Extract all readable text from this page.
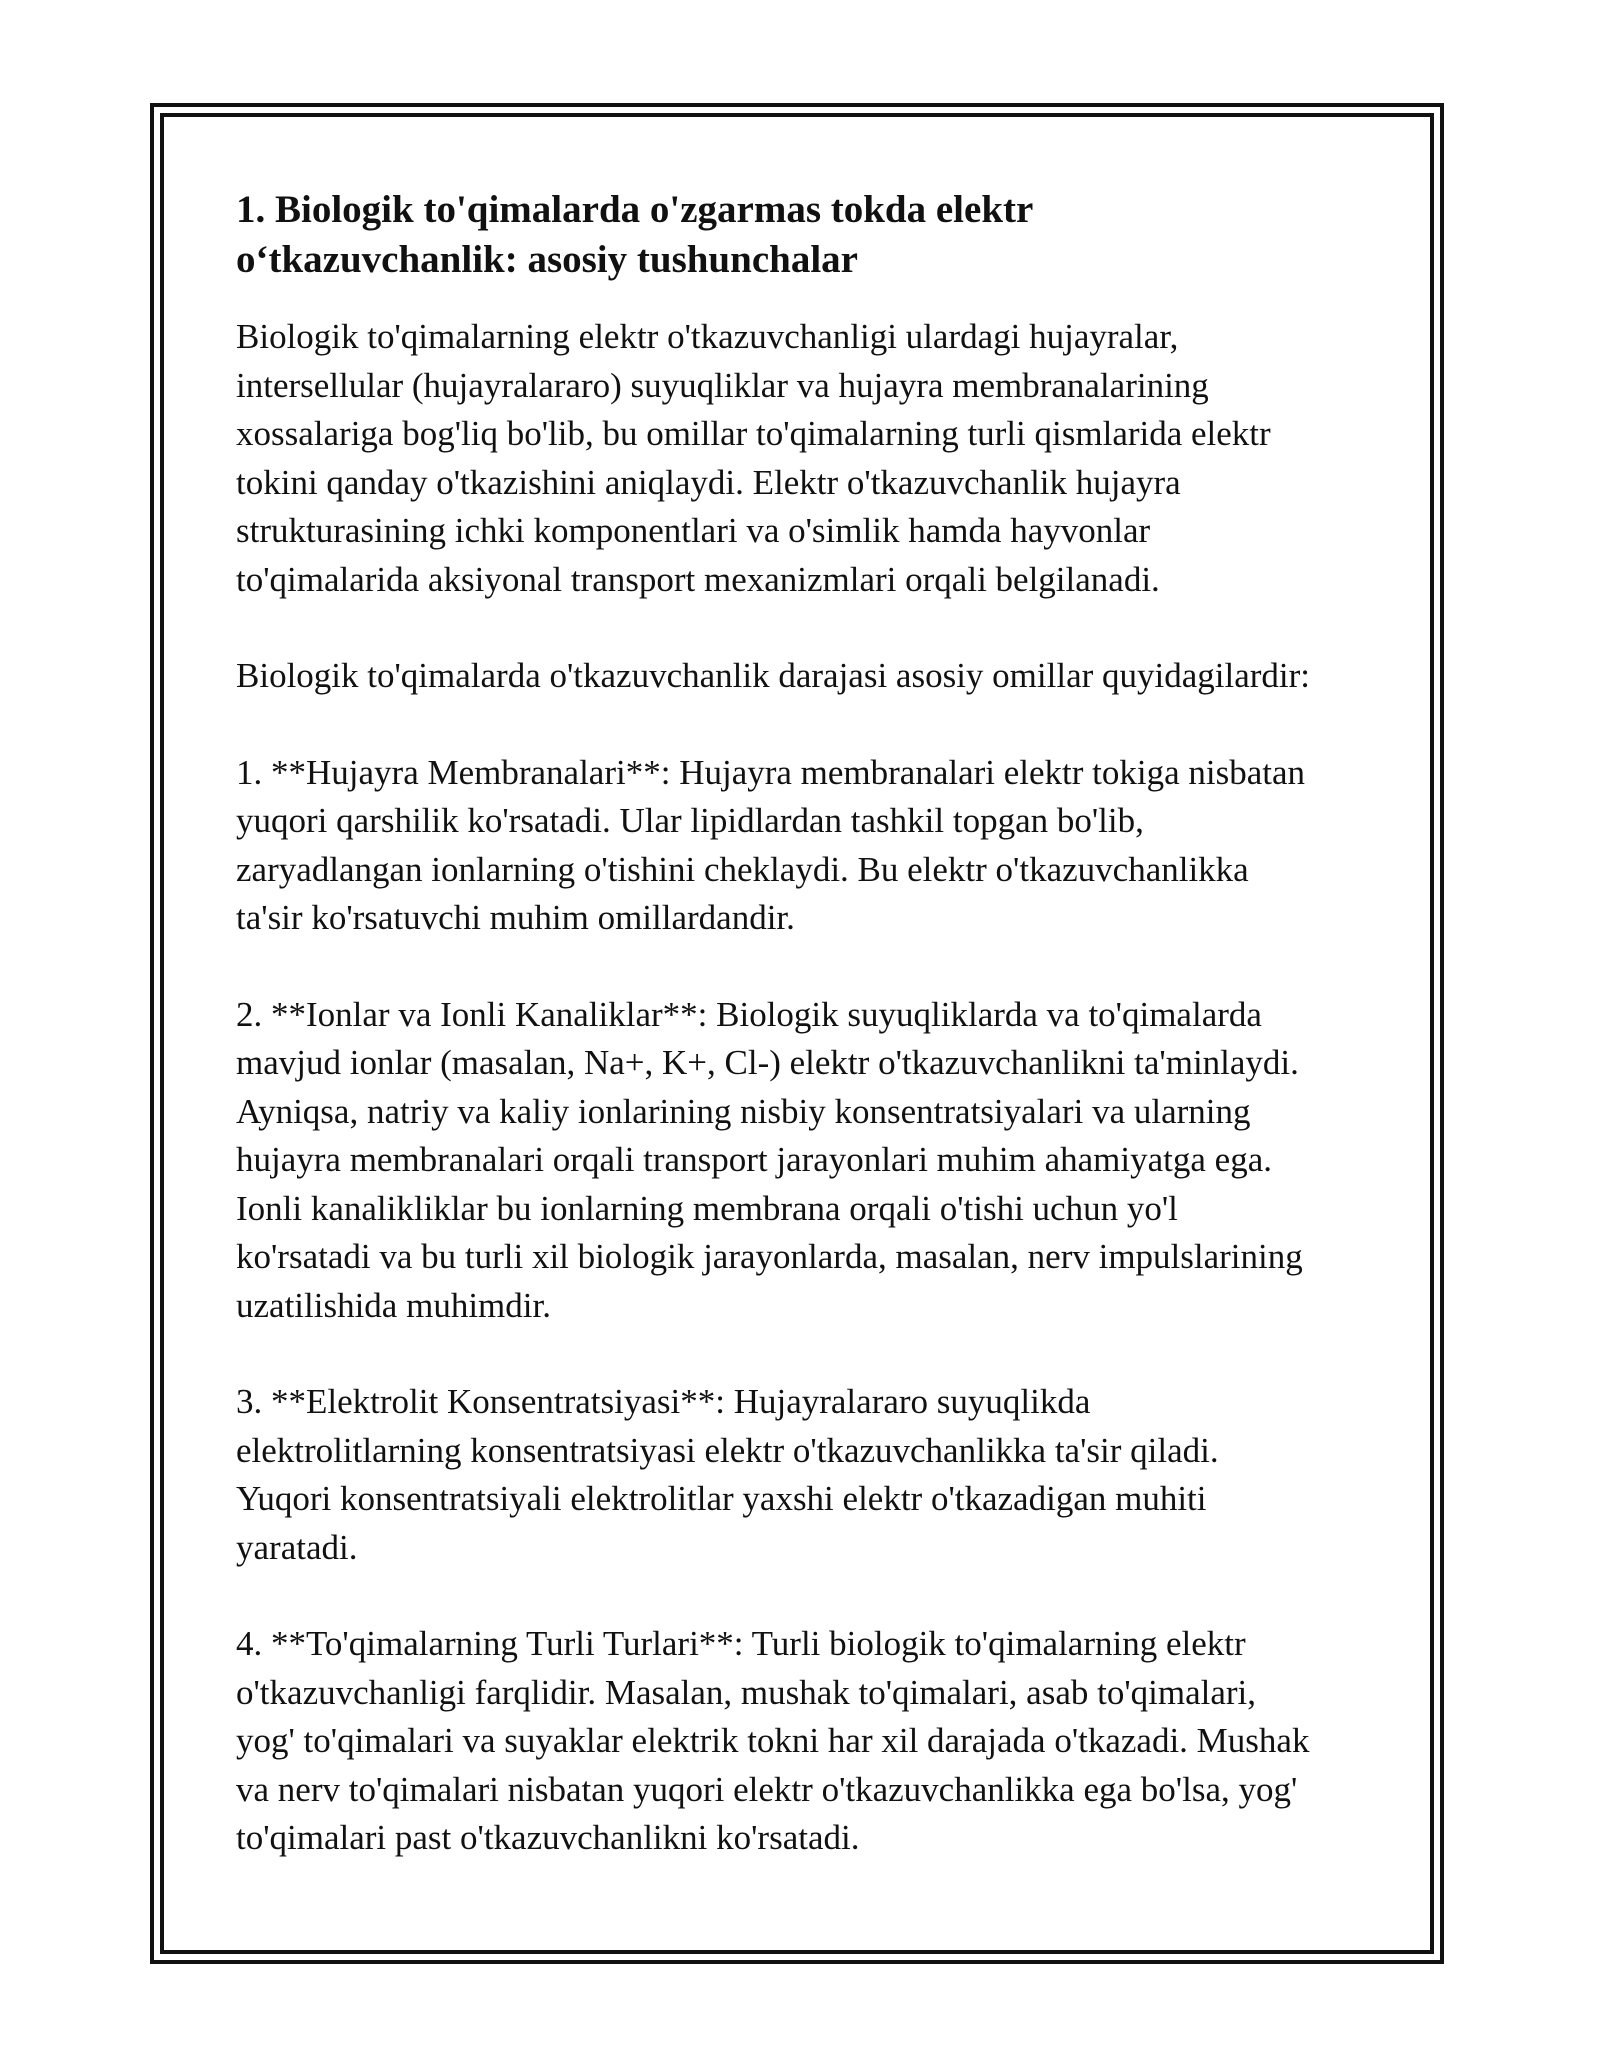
1. Biologik to'qimalarda o'zgarmas tokda elektr
o‘tkazuvchanlik: asosiy tushunchalar

Biologik to'qimalarning elektr o'tkazuvchanligi ulardagi hujayralar,
intersellular (hujayralararo) suyuqliklar va hujayra membranalarining
xossalariga bog'liq bo'lib, bu omillar to'qimalarning turli qismlarida elektr
tokini qanday o'tkazishini aniqlaydi. Elektr o'tkazuvchanlik hujayra
strukturasining ichki komponentlari va o'simlik hamda hayvonlar
to'qimalarida aksiyonal transport mexanizmlari orqali belgilanadi.

Biologik to'qimalarda o'tkazuvchanlik darajasi asosiy omillar quyidagilardir:

1. **Hujayra Membranalari**: Hujayra membranalari elektr tokiga nisbatan
yuqori qarshilik ko'rsatadi. Ular lipidlardan tashkil topgan bo'lib,
zaryadlangan ionlarning o'tishini cheklaydi. Bu elektr o'tkazuvchanlikka
ta'sir ko'rsatuvchi muhim omillardandir.

2. **Ionlar va Ionli Kanaliklar**: Biologik suyuqliklarda va to'qimalarda
mavjud ionlar (masalan, Na+, K+, Cl-) elektr o'tkazuvchanlikni ta'minlaydi.
Ayniqsa, natriy va kaliy ionlarining nisbiy konsentratsiyalari va ularning
hujayra membranalari orqali transport jarayonlari muhim ahamiyatga ega.
Ionli kanalikliklar bu ionlarning membrana orqali o'tishi uchun yo'l
ko'rsatadi va bu turli xil biologik jarayonlarda, masalan, nerv impulslarining
uzatilishida muhimdir.

3. **Elektrolit Konsentratsiyasi**: Hujayralararo suyuqlikda
elektrolitlarning konsentratsiyasi elektr o'tkazuvchanlikka ta'sir qiladi.
Yuqori konsentratsiyali elektrolitlar yaxshi elektr o'tkazadigan muhiti
yaratadi.

4. **To'qimalarning Turli Turlari**: Turli biologik to'qimalarning elektr
o'tkazuvchanligi farqlidir. Masalan, mushak to'qimalari, asab to'qimalari,
yog' to'qimalari va suyaklar elektrik tokni har xil darajada o'tkazadi. Mushak
va nerv to'qimalari nisbatan yuqori elektr o'tkazuvchanlikka ega bo'lsa, yog'
to'qimalari past o'tkazuvchanlikni ko'rsatadi.
